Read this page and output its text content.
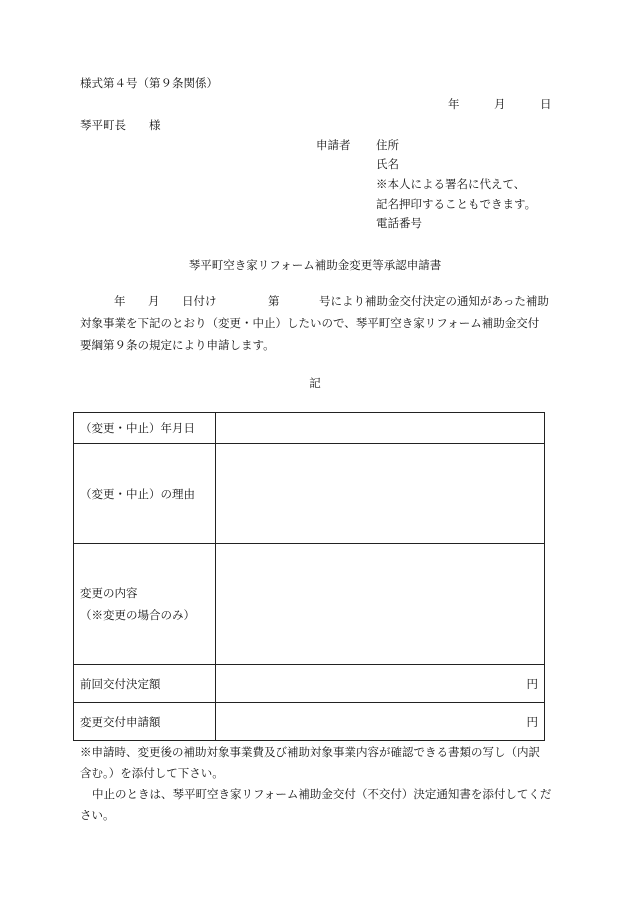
様式第４号（第９条関係）
年	月	日
琴平町長　　様
申請者 住所
氏名
※本人による署名に代えて、
記名押印することもできます。
電話番号
琴平町空き家リフォーム補助金変更等承認申請書
年 月 日付け	第	号により補助金交付決定の通知があった補助
対象事業を下記のとおり（変更・中止）したいので、琴平町空き家リフォーム補助金交付
要綱第９条の規定により申請します。
記
（変更・中止）年月日	
（変更・中止）の理由	

変更の内容
（※変更の場合のみ）	

前回交付決定額	円
変更交付申請額	円
※申請時、変更後の補助対象事業費及び補助対象事業内容が確認できる書類の写し（内訳
含む。）を添付して下さい。
中止のときは、琴平町空き家リフォーム補助金交付（不交付）決定通知書を添付してくだ
さい。
